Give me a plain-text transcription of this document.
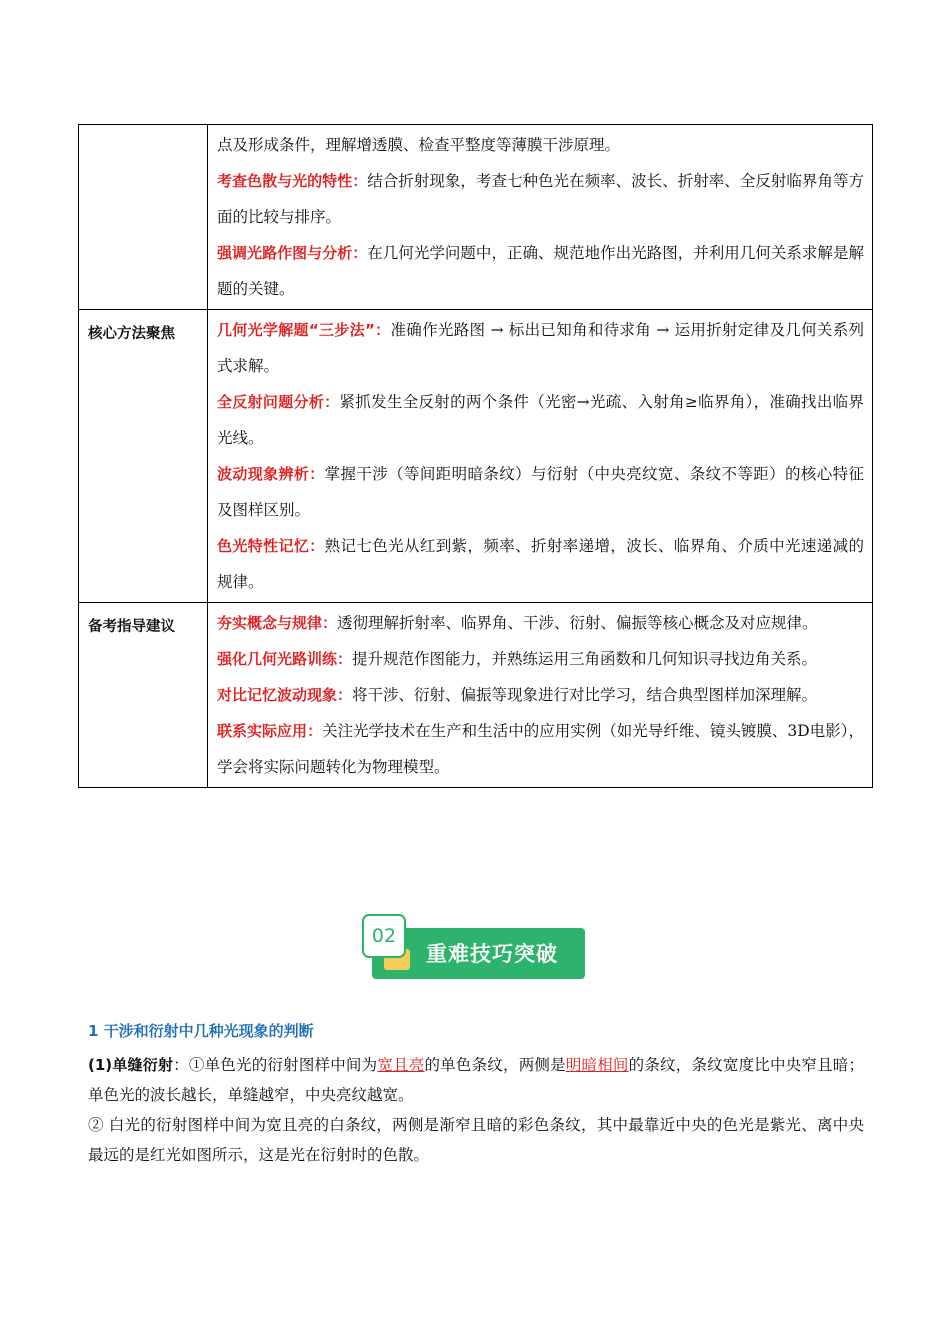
	点及形成条件，理解增透膜、检查平整度等薄膜干涉原理。

考查色散与光的特性：结合折射现象，考查七种色光在频率、波长、折射率、全反射临界角等方面的比较与排序。

强调光路作图与分析：在几何光学问题中，正确、规范地作出光路图，并利用几何关系求解是解题的关键。

核心方法聚焦	几何光学解题“三步法”：准确作光路图 → 标出已知角和待求角 → 运用折射定律及几何关系列式求解。

全反射问题分析：紧抓发生全反射的两个条件（光密→光疏、入射角≥临界角），准确找出临界光线。

波动现象辨析：掌握干涉（等间距明暗条纹）与衍射（中央亮纹宽、条纹不等距）的核心特征及图样区别。

色光特性记忆：熟记七色光从红到紫，频率、折射率递增，波长、临界角、介质中光速递减的规律。

备考指导建议	夯实概念与规律：透彻理解折射率、临界角、干涉、衍射、偏振等核心概念及对应规律。

强化几何光路训练：提升规范作图能力，并熟练运用三角函数和几何知识寻找边角关系。

对比记忆波动现象：将干涉、衍射、偏振等现象进行对比学习，结合典型图样加深理解。

联系实际应用：关注光学技术在生产和生活中的应用实例（如光导纤维、镜头镀膜、3D电影），学会将实际问题转化为物理模型。

02
重难技巧突破
1 干涉和衍射中几种光现象的判断

(1)单缝衍射：①单色光的衍射图样中间为宽且亮的单色条纹，两侧是明暗相间的条纹，条纹宽度比中央窄且暗；单色光的波长越长，单缝越窄，中央亮纹越宽。

② 白光的衍射图样中间为宽且亮的白条纹，两侧是渐窄且暗的彩色条纹，其中最靠近中央的色光是紫光、离中央最远的是红光如图所示，这是光在衍射时的色散。
